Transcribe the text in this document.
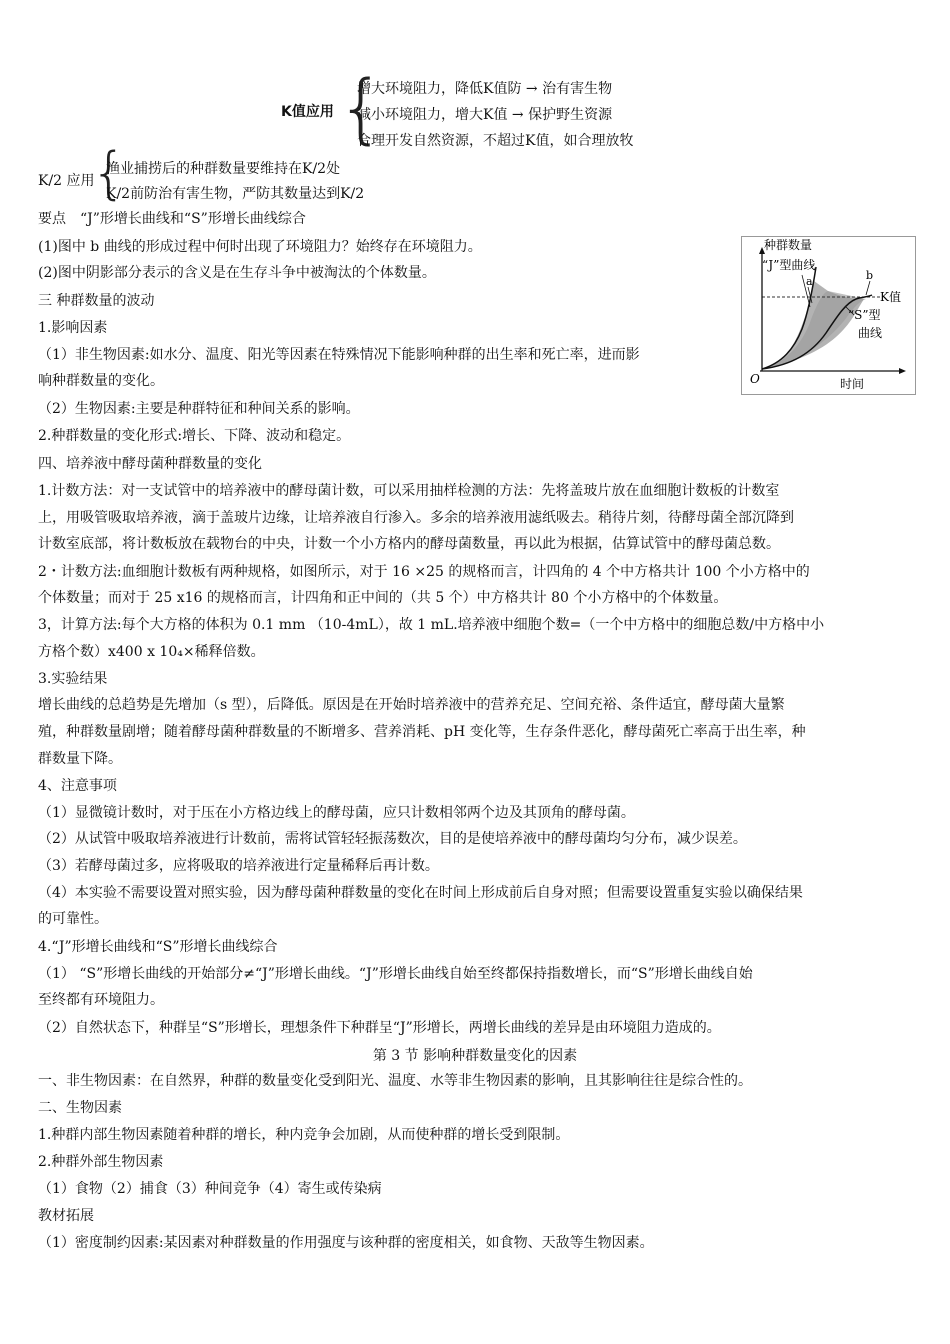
K值应用 {
增大环境阻力，降低K值防 → 治有害生物
减小环境阻力，增大K值 → 保护野生资源
合理开发自然资源，不超过K值，如合理放牧
K/2 应用
{
渔业捕捞后的种群数量要维持在K/2处
K/2前防治有害生物，严防其数量达到K/2
要点　“J”形增长曲线和“S”形增长曲线综合
(1)图中 b 曲线的形成过程中何时出现了环境阻力？始终存在环境阻力。
(2)图中阴影部分表示的含义是在生存斗争中被淘汰的个体数量。
三 种群数量的波动
1.影响因素
（1）非生物因素:如水分、温度、阳光等因素在特殊情况下能影响种群的出生率和死亡率，进而影
响种群数量的变化。
（2）生物因素:主要是种群特征和种间关系的影响。
2.种群数量的变化形式:增长、下降、波动和稳定。
四、培养液中酵母菌种群数量的变化
1.计数方法：对一支试管中的培养液中的酵母菌计数，可以采用抽样检测的方法：先将盖玻片放在血细胞计数板的计数室
上，用吸管吸取培养液，滴于盖玻片边缘，让培养液自行渗入。多余的培养液用滤纸吸去。稍待片刻，待酵母菌全部沉降到
计数室底部，将计数板放在载物台的中央，计数一个小方格内的酵母菌数量，再以此为根据，估算试管中的酵母菌总数。
2・计数方法:血细胞计数板有两种规格，如图所示，对于 16 ×25 的规格而言，计四角的 4 个中方格共计 100 个小方格中的
个体数量；而对于 25 x16 的规格而言，计四角和正中间的（共 5 个）中方格共计 80 个小方格中的个体数量。
3，计算方法:每个大方格的体积为 0.1 mm （10-4mL），故 1 mL.培养液中细胞个数=（一个中方格中的细胞总数/中方格中小
方格个数）x400 x 10₄×稀释倍数。
3.实验结果
增长曲线的总趋势是先增加（s 型），后降低。原因是在开始时培养液中的营养充足、空间充裕、条件适宜，酵母菌大量繁
殖，种群数量剧增；随着酵母菌种群数量的不断增多、营养消耗、pH 变化等，生存条件恶化，酵母菌死亡率高于出生率，种
群数量下降。
4、注意事项
（1）显微镜计数时，对于压在小方格边线上的酵母菌，应只计数相邻两个边及其顶角的酵母菌。
（2）从试管中吸取培养液进行计数前，需将试管轻轻振荡数次，目的是使培养液中的酵母菌均匀分布，减少误差。
（3）若酵母菌过多，应将吸取的培养液进行定量稀释后再计数。
（4）本实验不需要设置对照实验，因为酵母菌种群数量的变化在时间上形成前后自身对照；但需要设置重复实验以确保结果
的可靠性。
4.“J”形增长曲线和“S”形增长曲线综合
（1） “S”形增长曲线的开始部分≠“J”形增长曲线。“J”形增长曲线自始至终都保持指数增长，而“S”形增长曲线自始
至终都有环境阻力。
（2）自然状态下，种群呈“S”形增长，理想条件下种群呈“J”形增长，两增长曲线的差异是由环境阻力造成的。
第 3 节 影响种群数量变化的因素
一、非生物因素：在自然界，种群的数量变化受到阳光、温度、水等非生物因素的影响，且其影响往往是综合性的。
二、生物因素
1.种群内部生物因素随着种群的增长，种内竞争会加剧，从而使种群的增长受到限制。
2.种群外部生物因素
（1）食物（2）捕食（3）种间竞争（4）寄生或传染病
教材拓展
（1）密度制约因素:某因素对种群数量的作用强度与该种群的密度相关，如食物、天敌等生物因素。
种群数量
“J”型曲线
a	b
K值
“S”型
曲线
O	时间
